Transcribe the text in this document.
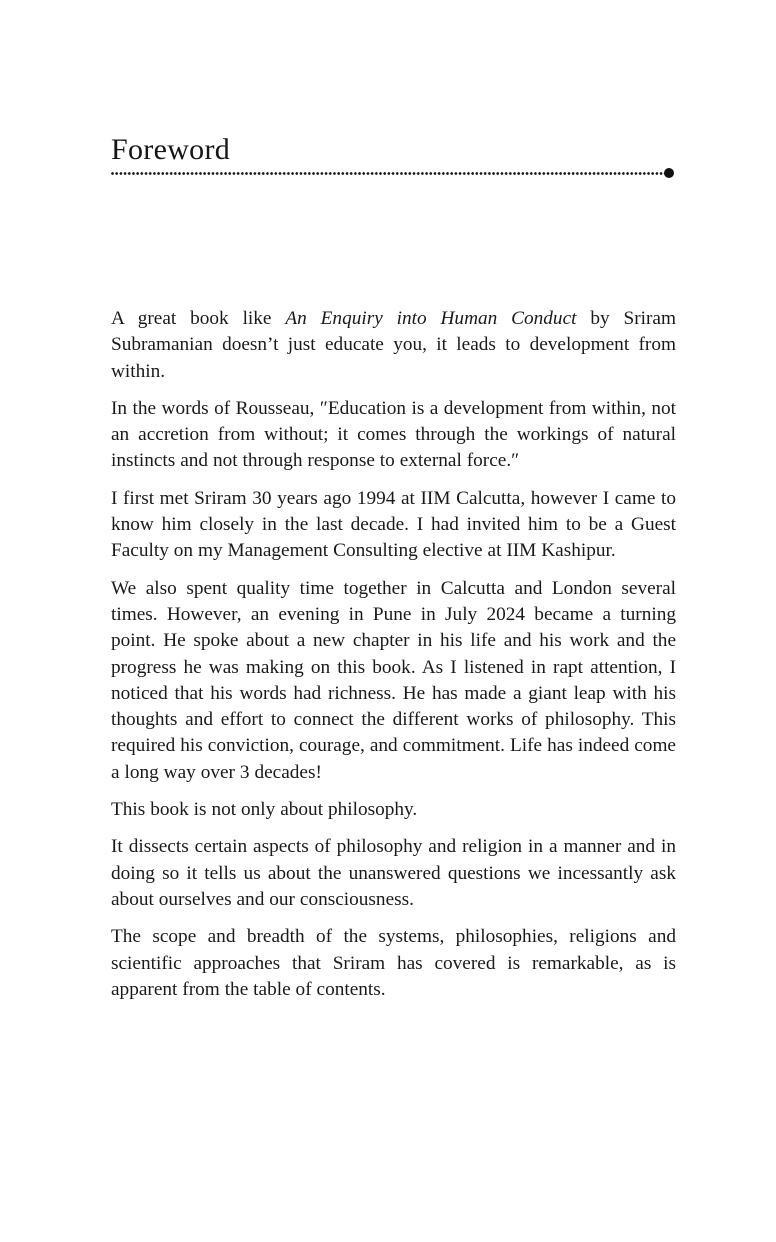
Foreword

A great book like An Enquiry into Human Conduct by Sriram Subramanian doesn’t just educate you, it leads to development from within.

In the words of Rousseau, ″Education is a development from within, not an accretion from without; it comes through the workings of natural instincts and not through response to external force.″

I first met Sriram 30 years ago 1994 at IIM Calcutta, however I came to know him closely in the last decade. I had invited him to be a Guest Faculty on my Management Consulting elective at IIM Kashipur.

We also spent quality time together in Calcutta and London several times. However, an evening in Pune in July 2024 became a turning point. He spoke about a new chapter in his life and his work and the progress he was making on this book. As I listened in rapt attention, I noticed that his words had richness. He has made a giant leap with his thoughts and effort to connect the different works of philosophy. This required his conviction, courage, and commitment. Life has indeed come a long way over 3 decades!

This book is not only about philosophy.

It dissects certain aspects of philosophy and religion in a manner and in doing so it tells us about the unanswered questions we incessantly ask about ourselves and our consciousness.

The scope and breadth of the systems, philosophies, religions and scientific approaches that Sriram has covered is remarkable, as is apparent from the table of contents.
